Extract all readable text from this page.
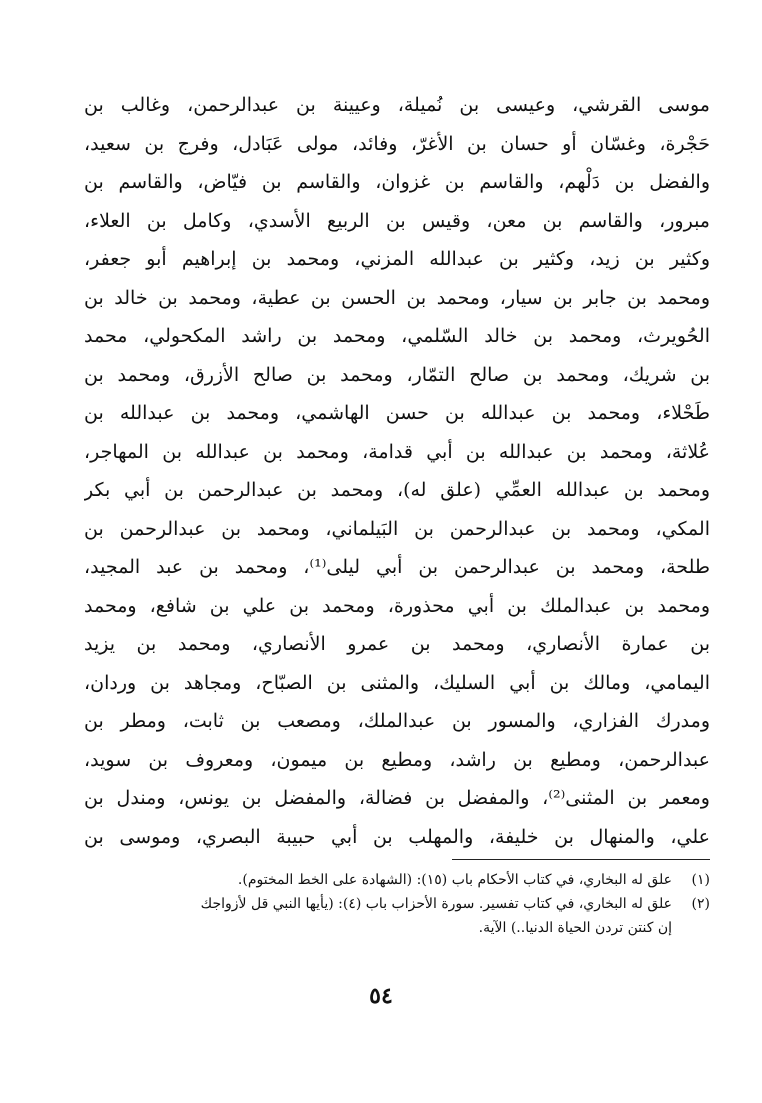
موسى القرشي، وعيسى بن نُميلة، وعيينة بن عبدالرحمن، وغالب بن
حَجْرة، وغسّان أو حسان بن الأغرّ، وفائد، مولى عَبَادل، وفرج بن سعيد،
والفضل بن دَلْهم، والقاسم بن غزوان، والقاسم بن فيّاض، والقاسم بن
مبرور، والقاسم بن معن، وقيس بن الربيع الأسدي، وكامل بن العلاء،
وكثير بن زيد، وكثير بن عبدالله المزني، ومحمد بن إبراهيم أبو جعفر،
ومحمد بن جابر بن سيار، ومحمد بن الحسن بن عطية، ومحمد بن خالد بن
الحُويرث، ومحمد بن خالد السّلمي، ومحمد بن راشد المكحولي، محمد
بن شريك، ومحمد بن صالح التمّار، ومحمد بن صالح الأزرق، ومحمد بن
طَحْلاء، ومحمد بن عبدالله بن حسن الهاشمي، ومحمد بن عبدالله بن
عُلاثة، ومحمد بن عبدالله بن أبي قدامة، ومحمد بن عبدالله بن المهاجر،
ومحمد بن عبدالله العمِّي (علق له)، ومحمد بن عبدالرحمن بن أبي بكر
المكي، ومحمد بن عبدالرحمن بن البَيلماني، ومحمد بن عبدالرحمن بن
طلحة، ومحمد بن عبدالرحمن بن أبي ليلى⁽¹⁾، ومحمد بن عبد المجيد،
ومحمد بن عبدالملك بن أبي محذورة، ومحمد بن علي بن شافع، ومحمد
بن عمارة الأنصاري، ومحمد بن عمرو الأنصاري، ومحمد بن يزيد
اليمامي، ومالك بن أبي السليك، والمثنى بن الصبّاح، ومجاهد بن وردان،
ومدرك الفزاري، والمسور بن عبدالملك، ومصعب بن ثابت، ومطر بن
عبدالرحمن، ومطيع بن راشد، ومطيع بن ميمون، ومعروف بن سويد،
ومعمر بن المثنى⁽²⁾، والمفضل بن فضالة، والمفضل بن يونس، ومندل بن
علي، والمنهال بن خليفة، والمهلب بن أبي حبيبة البصري، وموسى بن
(١)
علق له البخاري، في كتاب الأحكام باب (١٥): (الشهادة على الخط المختوم).
(٢)
علق له البخاري، في كتاب تفسير. سورة الأحزاب باب (٤): (يأيها النبي قل لأزواجك
إن كنتن تردن الحياة الدنيا..) الآية.
٥٤
